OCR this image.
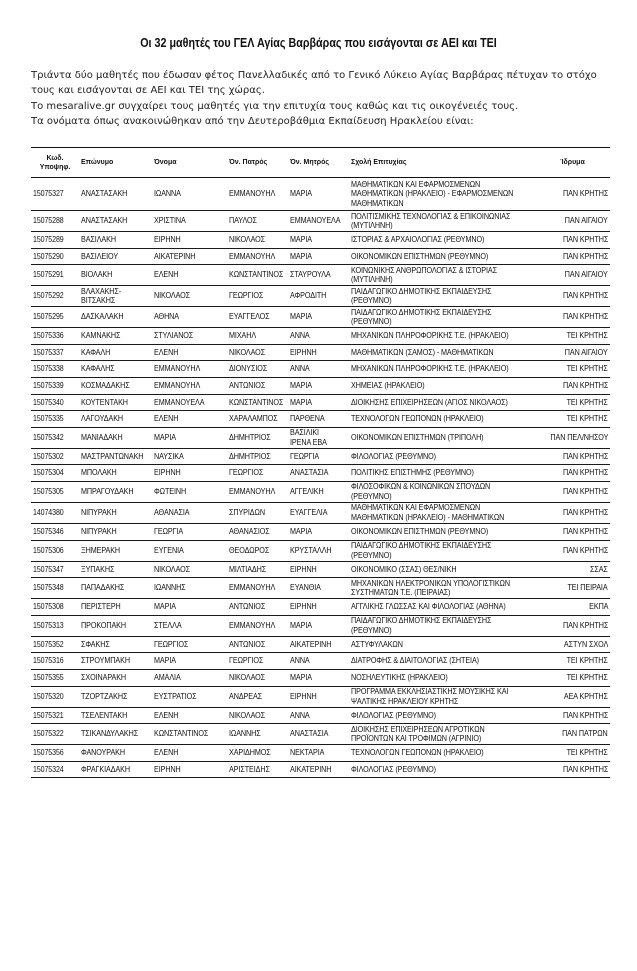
Οι 32 μαθητές του ΓΕΛ Αγίας Βαρβάρας που εισάγονται σε ΑΕΙ και ΤΕΙ

Τριάντα δύο μαθητές που έδωσαν φέτος Πανελλαδικές από το Γενικό Λύκειο Αγίας Βαρβάρας πέτυχαν το στόχο τους και εισάγονται σε ΑΕΙ και ΤΕΙ της χώρας.

Το mesaralive.gr συγχαίρει τους μαθητές για την επιτυχία τους καθώς και τις οικογένειές τους.

Τα ονόματα όπως ανακοινώθηκαν από την Δευτεροβάθμια Εκπαίδευση Ηρακλείου είναι:

Κωδ. Υποψηφ.	Επώνυμο	Όνομα	Όν. Πατρός	Όν. Μητρός	Σχολή Επιτυχίας	Ίδρυμα
15075327	ΑΝΑΣΤΑΣΑΚΗ	ΙΩΑΝΝΑ	ΕΜΜΑΝΟΥΗΛ	ΜΑΡΙΑ	ΜΑΘΗΜΑΤΙΚΩΝ ΚΑΙ ΕΦΑΡΜΟΣΜΕΝΩΝ ΜΑΘΗΜΑΤΙΚΩΝ (ΗΡΑΚΛΕΙΟ) - ΕΦΑΡΜΟΣΜΕΝΩΝ ΜΑΘΗΜΑΤΙΚΩΝ	ΠΑΝ ΚΡΗΤΗΣ
15075288	ΑΝΑΣΤΑΣΑΚΗ	ΧΡΙΣΤΙΝΑ	ΠΑΥΛΟΣ	ΕΜΜΑΝΟΥΕΛΑ	ΠΟΛΙΤΙΣΜΙΚΗΣ ΤΕΧΝΟΛΟΓΙΑΣ & ΕΠΙΚΟΙΝΩΝΙΑΣ (ΜΥΤΙΛΗΝΗ)	ΠΑΝ ΑΙΓΑΙΟΥ
15075289	ΒΑΣΙΛΑΚΗ	ΕΙΡΗΝΗ	ΝΙΚΟΛΑΟΣ	ΜΑΡΙΑ	ΙΣΤΟΡΙΑΣ & ΑΡΧΑΙΟΛΟΓΙΑΣ (ΡΕΘΥΜΝΟ)	ΠΑΝ ΚΡΗΤΗΣ
15075290	ΒΑΣΙΛΕΙΟΥ	ΑΙΚΑΤΕΡΙΝΗ	ΕΜΜΑΝΟΥΗΛ	ΜΑΡΙΑ	ΟΙΚΟΝΟΜΙΚΩΝ ΕΠΙΣΤΗΜΩΝ (ΡΕΘΥΜΝΟ)	ΠΑΝ ΚΡΗΤΗΣ
15075291	ΒΙΟΛΑΚΗ	ΕΛΕΝΗ	ΚΩΝΣΤΑΝΤΙΝΟΣ	ΣΤΑΥΡΟΥΛΑ	ΚΟΙΝΩΝΙΚΗΣ ΑΝΘΡΩΠΟΛΟΓΙΑΣ & ΙΣΤΟΡΙΑΣ (ΜΥΤΙΛΗΝΗ)	ΠΑΝ ΑΙΓΑΙΟΥ
15075292	ΒΛΑΧΑΚΗΣ-ΒΙΤΣΑΚΗΣ	ΝΙΚΟΛΑΟΣ	ΓΕΩΡΓΙΟΣ	ΑΦΡΟΔΙΤΗ	ΠΑΙΔΑΓΩΓΙΚΟ ΔΗΜΟΤΙΚΗΣ ΕΚΠΑΙΔΕΥΣΗΣ (ΡΕΘΥΜΝΟ)	ΠΑΝ ΚΡΗΤΗΣ
15075295	ΔΑΣΚΑΛΑΚΗ	ΑΘΗΝΑ	ΕΥΑΓΓΕΛΟΣ	ΜΑΡΙΑ	ΠΑΙΔΑΓΩΓΙΚΟ ΔΗΜΟΤΙΚΗΣ ΕΚΠΑΙΔΕΥΣΗΣ (ΡΕΘΥΜΝΟ)	ΠΑΝ ΚΡΗΤΗΣ
15075336	ΚΑΜΝΑΚΗΣ	ΣΤΥΛΙΑΝΟΣ	ΜΙΧΑΗΛ	ΑΝΝΑ	ΜΗΧΑΝΙΚΩΝ ΠΛΗΡΟΦΟΡΙΚΗΣ Τ.Ε. (ΗΡΑΚΛΕΙΟ)	ΤΕΙ ΚΡΗΤΗΣ
15075337	ΚΑΦΑΛΗ	ΕΛΕΝΗ	ΝΙΚΟΛΑΟΣ	ΕΙΡΗΝΗ	ΜΑΘΗΜΑΤΙΚΩΝ (ΣΑΜΟΣ) - ΜΑΘΗΜΑΤΙΚΩΝ	ΠΑΝ ΑΙΓΑΙΟΥ
15075338	ΚΑΦΑΛΗΣ	ΕΜΜΑΝΟΥΗΛ	ΔΙΟΝΥΣΙΟΣ	ΑΝΝΑ	ΜΗΧΑΝΙΚΩΝ ΠΛΗΡΟΦΟΡΙΚΗΣ Τ.Ε. (ΗΡΑΚΛΕΙΟ)	ΤΕΙ ΚΡΗΤΗΣ
15075339	ΚΟΣΜΑΔΑΚΗΣ	ΕΜΜΑΝΟΥΗΛ	ΑΝΤΩΝΙΟΣ	ΜΑΡΙΑ	ΧΗΜΕΙΑΣ (ΗΡΑΚΛΕΙΟ)	ΠΑΝ ΚΡΗΤΗΣ
15075340	ΚΟΥΤΕΝΤΑΚΗ	ΕΜΜΑΝΟΥΕΛΑ	ΚΩΝΣΤΑΝΤΙΝΟΣ	ΜΑΡΙΑ	ΔΙΟΙΚΗΣΗΣ ΕΠΙΧΕΙΡΗΣΕΩΝ (ΑΓΙΟΣ ΝΙΚΟΛΑΟΣ)	ΤΕΙ ΚΡΗΤΗΣ
15075335	ΛΑΓΟΥΔΑΚΗ	ΕΛΕΝΗ	ΧΑΡΑΛΑΜΠΟΣ	ΠΑΡΘΕΝΑ	ΤΕΧΝΟΛΟΓΩΝ ΓΕΩΠΟΝΩΝ (ΗΡΑΚΛΕΙΟ)	ΤΕΙ ΚΡΗΤΗΣ
15075342	ΜΑΝΙΑΔΑΚΗ	ΜΑΡΙΑ	ΔΗΜΗΤΡΙΟΣ	ΒΑΣΙΛΙΚΙ ΙΡΕΝΑ ΕΒΑ	ΟΙΚΟΝΟΜΙΚΩΝ ΕΠΙΣΤΗΜΩΝ (ΤΡΙΠΟΛΗ)	ΠΑΝ ΠΕΛ/ΝΗΣΟΥ
15075302	ΜΑΣΤΡΑΝΤΩΝΑΚΗ	ΝΑΥΣΙΚΑ	ΔΗΜΗΤΡΙΟΣ	ΓΕΩΡΓΙΑ	ΦΙΛΟΛΟΓΙΑΣ (ΡΕΘΥΜΝΟ)	ΠΑΝ ΚΡΗΤΗΣ
15075304	ΜΠΟΛΑΚΗ	ΕΙΡΗΝΗ	ΓΕΩΡΓΙΟΣ	ΑΝΑΣΤΑΣΙΑ	ΠΟΛΙΤΙΚΗΣ ΕΠΙΣΤΗΜΗΣ (ΡΕΘΥΜΝΟ)	ΠΑΝ ΚΡΗΤΗΣ
15075305	ΜΠΡΑΓΟΥΔΑΚΗ	ΦΩΤΕΙΝΗ	ΕΜΜΑΝΟΥΗΛ	ΑΓΓΕΛΙΚΗ	ΦΙΛΟΣΟΦΙΚΩΝ & ΚΟΙΝΩΝΙΚΩΝ ΣΠΟΥΔΩΝ (ΡΕΘΥΜΝΟ)	ΠΑΝ ΚΡΗΤΗΣ
14074380	ΝΙΠΥΡΑΚΗ	ΑΘΑΝΑΣΙΑ	ΣΠΥΡΙΔΩΝ	ΕΥΑΓΓΕΛΙΑ	ΜΑΘΗΜΑΤΙΚΩΝ ΚΑΙ ΕΦΑΡΜΟΣΜΕΝΩΝ ΜΑΘΗΜΑΤΙΚΩΝ (ΗΡΑΚΛΕΙΟ) - ΜΑΘΗΜΑΤΙΚΩΝ	ΠΑΝ ΚΡΗΤΗΣ
15075346	ΝΙΠΥΡΑΚΗ	ΓΕΩΡΓΙΑ	ΑΘΑΝΑΣΙΟΣ	ΜΑΡΙΑ	ΟΙΚΟΝΟΜΙΚΩΝ ΕΠΙΣΤΗΜΩΝ (ΡΕΘΥΜΝΟ)	ΠΑΝ ΚΡΗΤΗΣ
15075306	ΞΗΜΕΡΑΚΗ	ΕΥΓΕΝΙΑ	ΘΕΟΔΩΡΟΣ	ΚΡΥΣΤΑΛΛΗ	ΠΑΙΔΑΓΩΓΙΚΟ ΔΗΜΟΤΙΚΗΣ ΕΚΠΑΙΔΕΥΣΗΣ (ΡΕΘΥΜΝΟ)	ΠΑΝ ΚΡΗΤΗΣ
15075347	ΞΥΠΑΚΗΣ	ΝΙΚΟΛΑΟΣ	ΜΙΛΤΙΑΔΗΣ	ΕΙΡΗΝΗ	ΟΙΚΟΝΟΜΙΚΟ (ΣΣΑΣ) ΘΕΣ/ΝΙΚΗ	ΣΣΑΣ
15075348	ΠΑΠΑΔΑΚΗΣ	ΙΩΑΝΝΗΣ	ΕΜΜΑΝΟΥΗΛ	ΕΥΑΝΘΙΑ	ΜΗΧΑΝΙΚΩΝ ΗΛΕΚΤΡΟΝΙΚΩΝ ΥΠΟΛΟΓΙΣΤΙΚΩΝ ΣΥΣΤΗΜΑΤΩΝ Τ.Ε. (ΠΕΙΡΑΙΑΣ)	ΤΕΙ ΠΕΙΡΑΙΑ
15075308	ΠΕΡΙΣΤΕΡΗ	ΜΑΡΙΑ	ΑΝΤΩΝΙΟΣ	ΕΙΡΗΝΗ	ΑΓΓΛΙΚΗΣ ΓΛΩΣΣΑΣ ΚΑΙ ΦΙΛΟΛΟΓΙΑΣ (ΑΘΗΝΑ)	ΕΚΠΑ
15075313	ΠΡΟΚΟΠΑΚΗ	ΣΤΕΛΛΑ	ΕΜΜΑΝΟΥΗΛ	ΜΑΡΙΑ	ΠΑΙΔΑΓΩΓΙΚΟ ΔΗΜΟΤΙΚΗΣ ΕΚΠΑΙΔΕΥΣΗΣ (ΡΕΘΥΜΝΟ)	ΠΑΝ ΚΡΗΤΗΣ
15075352	ΣΦΑΚΗΣ	ΓΕΩΡΓΙΟΣ	ΑΝΤΩΝΙΟΣ	ΑΙΚΑΤΕΡΙΝΗ	ΑΣΤΥΦΥΛΑΚΩΝ	ΑΣΤΥΝ ΣΧΟΛ
15075316	ΣΤΡΟΥΜΠΑΚΗ	ΜΑΡΙΑ	ΓΕΩΡΓΙΟΣ	ΑΝΝΑ	ΔΙΑΤΡΟΦΗΣ & ΔΙΑΙΤΟΛΟΓΙΑΣ (ΣΗΤΕΙΑ)	ΤΕΙ ΚΡΗΤΗΣ
15075355	ΣΧΟΙΝΑΡΑΚΗ	ΑΜΑΛΙΑ	ΝΙΚΟΛΑΟΣ	ΜΑΡΙΑ	ΝΟΣΗΛΕΥΤΙΚΗΣ (ΗΡΑΚΛΕΙΟ)	ΤΕΙ ΚΡΗΤΗΣ
15075320	ΤΖΟΡΤΖΑΚΗΣ	ΕΥΣΤΡΑΤΙΟΣ	ΑΝΔΡΕΑΣ	ΕΙΡΗΝΗ	ΠΡΟΓΡΑΜΜΑ ΕΚΚΛΗΣΙΑΣΤΙΚΗΣ ΜΟΥΣΙΚΗΣ ΚΑΙ ΨΑΛΤΙΚΗΣ ΗΡΑΚΛΕΙΟΥ ΚΡΗΤΗΣ	ΑΕΑ ΚΡΗΤΗΣ
15075321	ΤΣΕΛΕΝΤΑΚΗ	ΕΛΕΝΗ	ΝΙΚΟΛΑΟΣ	ΑΝΝΑ	ΦΙΛΟΛΟΓΙΑΣ (ΡΕΘΥΜΝΟ)	ΠΑΝ ΚΡΗΤΗΣ
15075322	ΤΣΙΚΑΝΔΥΛΑΚΗΣ	ΚΩΝΣΤΑΝΤΙΝΟΣ	ΙΩΑΝΝΗΣ	ΑΝΑΣΤΑΣΙΑ	ΔΙΟΙΚΗΣΗΣ ΕΠΙΧΕΙΡΗΣΕΩΝ ΑΓΡΟΤΙΚΩΝ ΠΡΟΪΟΝΤΩΝ ΚΑΙ ΤΡΟΦΙΜΩΝ (ΑΓΡΙΝΙΟ)	ΠΑΝ ΠΑΤΡΩΝ
15075356	ΦΑΝΟΥΡΑΚΗ	ΕΛΕΝΗ	ΧΑΡΙΔΗΜΟΣ	ΝΕΚΤΑΡΙΑ	ΤΕΧΝΟΛΟΓΩΝ ΓΕΩΠΟΝΩΝ (ΗΡΑΚΛΕΙΟ)	ΤΕΙ ΚΡΗΤΗΣ
15075324	ΦΡΑΓΚΙΑΔΑΚΗ	ΕΙΡΗΝΗ	ΑΡΙΣΤΕΙΔΗΣ	ΑΙΚΑΤΕΡΙΝΗ	ΦΙΛΟΛΟΓΙΑΣ (ΡΕΘΥΜΝΟ)	ΠΑΝ ΚΡΗΤΗΣ
